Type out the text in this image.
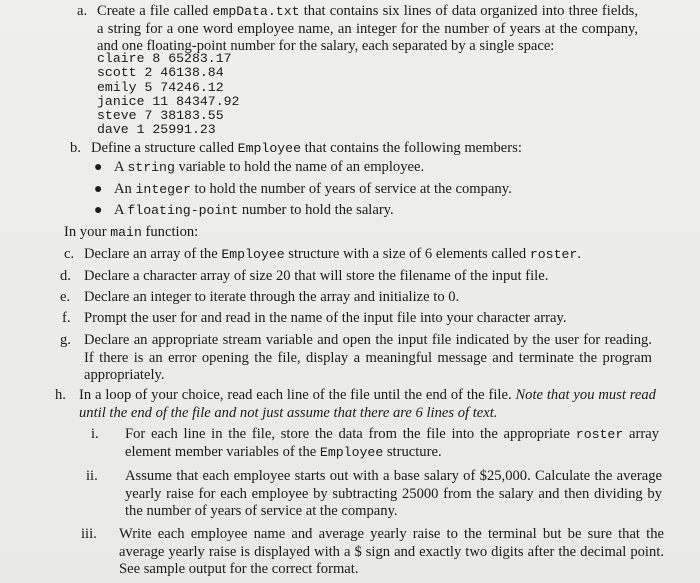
a. Create a file called empData.txt that contains six lines of data organized into three fields, a string for a one word employee name, an integer for the number of years at the company, and one floating-point number for the salary, each separated by a single space:
claire 8 65283.17
scott 2 46138.84
emily 5 74246.12
janice 11 84347.92
steve 7 38183.55
dave 1 25991.23
b. Define a structure called Employee that contains the following members:
● A string variable to hold the name of an employee.
● An integer to hold the number of years of service at the company.
● A floating-point number to hold the salary.
In your main function:
c. Declare an array of the Employee structure with a size of 6 elements called roster.
d. Declare a character array of size 20 that will store the filename of the input file.
e. Declare an integer to iterate through the array and initialize to 0.
f. Prompt the user for and read in the name of the input file into your character array.
g. Declare an appropriate stream variable and open the input file indicated by the user for reading. If there is an error opening the file, display a meaningful message and terminate the program appropriately.
h. In a loop of your choice, read each line of the file until the end of the file. Note that you must read until the end of the file and not just assume that there are 6 lines of text.
i. For each line in the file, store the data from the file into the appropriate roster array element member variables of the Employee structure.
ii. Assume that each employee starts out with a base salary of $25,000. Calculate the average yearly raise for each employee by subtracting 25000 from the salary and then dividing by the number of years of service at the company.
iii. Write each employee name and average yearly raise to the terminal but be sure that the average yearly raise is displayed with a $ sign and exactly two digits after the decimal point. See sample output for the correct format.
